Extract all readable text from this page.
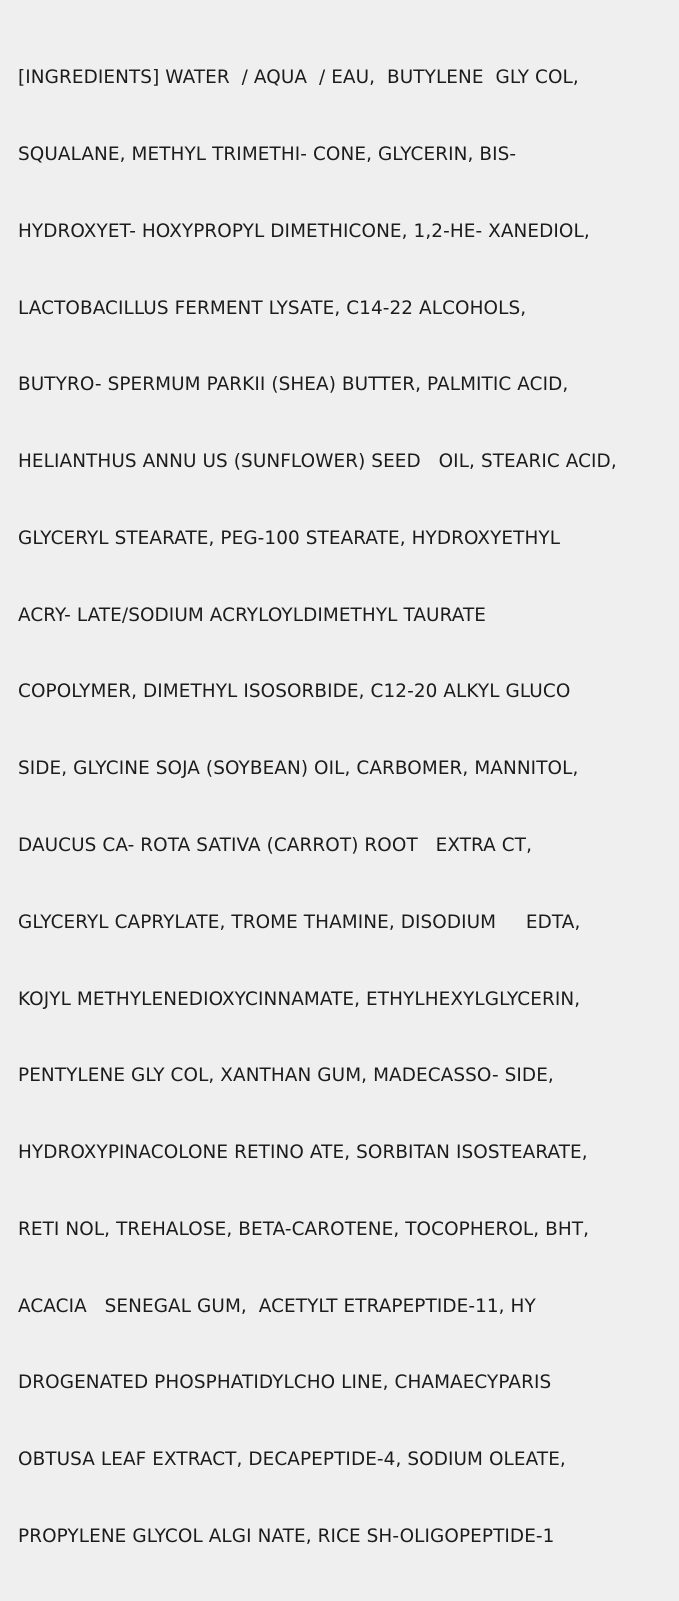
[INGREDIENTS] WATER  / AQUA  / EAU,  BUTYLENE  GLY COL,

SQUALANE, METHYL TRIMETHI- CONE, GLYCERIN, BIS-

HYDROXYET- HOXYPROPYL DIMETHICONE, 1,2-HE- XANEDIOL,

LACTOBACILLUS FERMENT LYSATE, C14-22 ALCOHOLS,

BUTYRO- SPERMUM PARKII (SHEA) BUTTER, PALMITIC ACID,

HELIANTHUS ANNU US (SUNFLOWER) SEED   OIL, STEARIC ACID,

GLYCERYL STEARATE, PEG-100 STEARATE, HYDROXYETHYL

ACRY- LATE/SODIUM ACRYLOYLDIMETHYL TAURATE

COPOLYMER, DIMETHYL ISOSORBIDE, C12-20 ALKYL GLUCO

SIDE, GLYCINE SOJA (SOYBEAN) OIL, CARBOMER, MANNITOL,

DAUCUS CA- ROTA SATIVA (CARROT) ROOT   EXTRA CT,

GLYCERYL CAPRYLATE, TROME THAMINE, DISODIUM     EDTA,

KOJYL METHYLENEDIOXYCINNAMATE, ETHYLHEXYLGLYCERIN,

PENTYLENE GLY COL, XANTHAN GUM, MADECASSO- SIDE,

HYDROXYPINACOLONE RETINO ATE, SORBITAN ISOSTEARATE,

RETI NOL, TREHALOSE, BETA-CAROTENE, TOCOPHEROL, BHT,

ACACIA   SENEGAL GUM,  ACETYLT ETRAPEPTIDE-11, HY

DROGENATED PHOSPHATIDYLCHO LINE, CHAMAECYPARIS

OBTUSA LEAF EXTRACT, DECAPEPTIDE-4, SODIUM OLEATE,

PROPYLENE GLYCOL ALGI NATE, RICE SH-OLIGOPEPTIDE-1
